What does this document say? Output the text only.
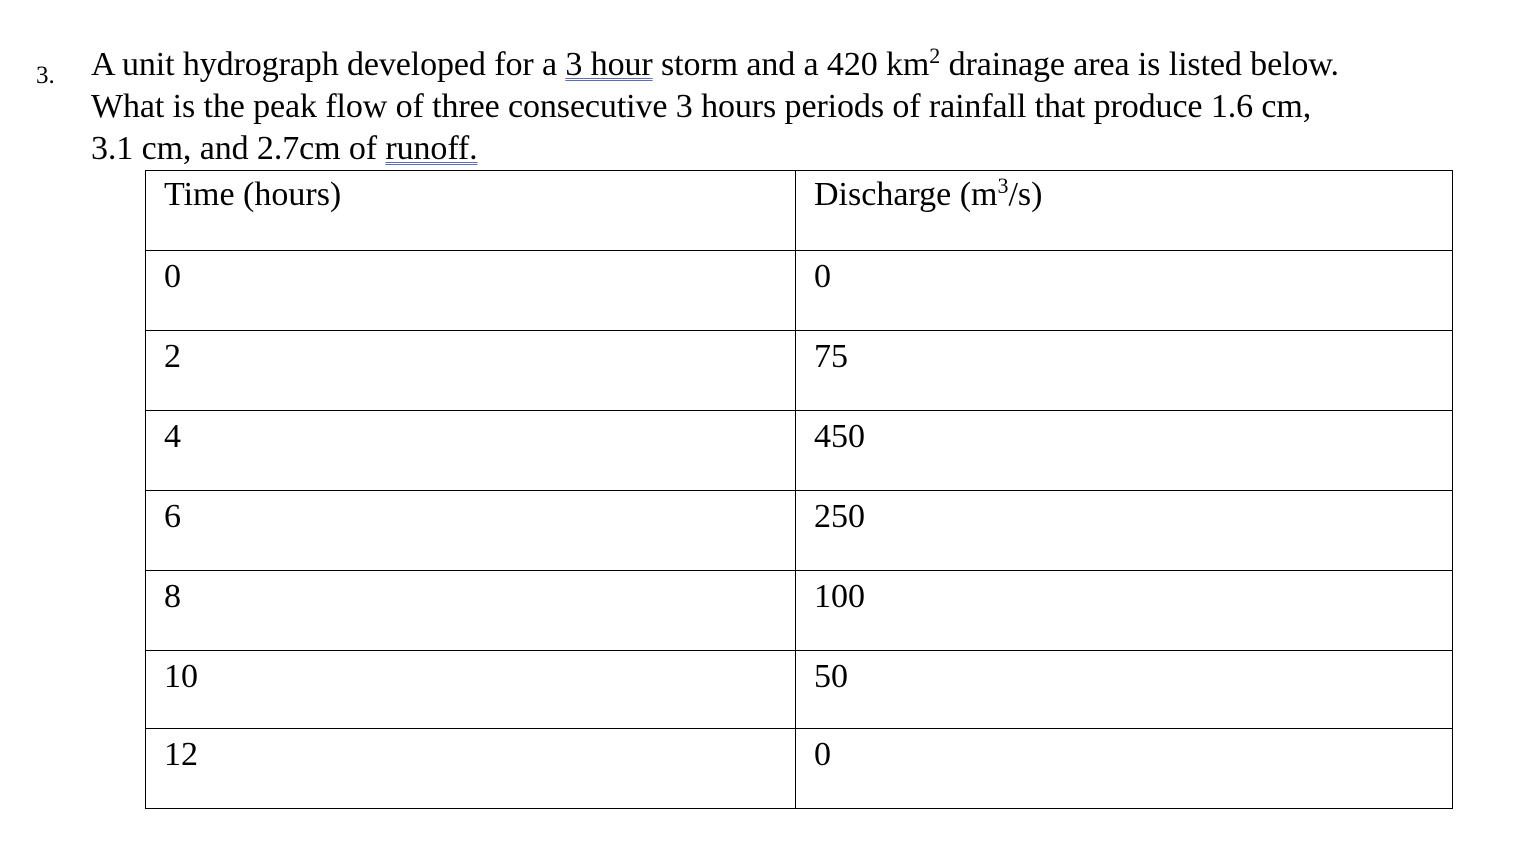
3. A unit hydrograph developed for a 3 hour storm and a 420 $km^2$ drainage area is listed below.
What is the peak flow of three consecutive 3 hours periods of rainfall that produce 1.6 cm,
3.1 cm, and 2.7cm of runoff.
Time (hours)	Discharge $(m^3/s)$

0	0

2	75

4	450

6	250

8	100

10	50

12	0
